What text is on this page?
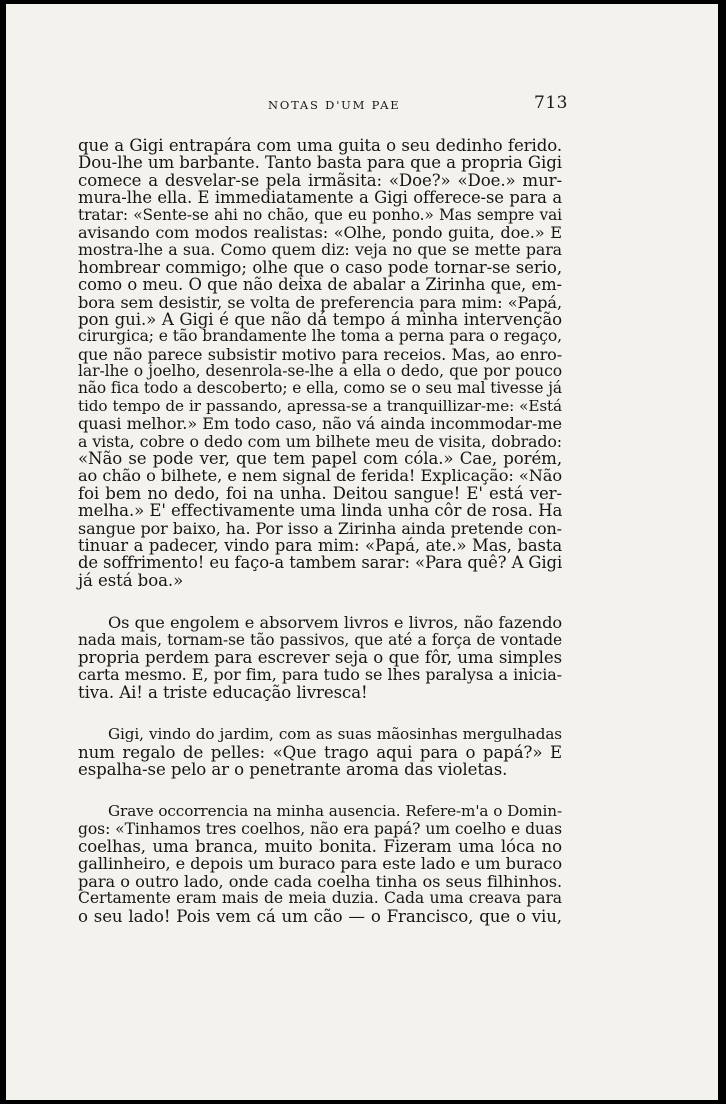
NOTAS D'UM PAE	713
que a Gigi entrapára com uma guita o seu dedinho ferido.
Dou-lhe um barbante. Tanto basta para que a propria Gigi
comece a desvelar-se pela irmãsita: «Doe?» «Doe.» mur-
mura-lhe ella. E immediatamente a Gigi offerece-se para a
tratar: «Sente-se ahi no chão, que eu ponho.» Mas sempre vai
avisando com modos realistas: «Olhe, pondo guita, doe.» E
mostra-lhe a sua. Como quem diz: veja no que se mette para
hombrear commigo; olhe que o caso pode tornar-se serio,
como o meu. O que não deixa de abalar a Zirinha que, em-
bora sem desistir, se volta de preferencia para mim: «Papá,
pon gui.» A Gigi é que não dá tempo á minha intervenção
cirurgica; e tão brandamente lhe toma a perna para o regaço,
que não parece subsistir motivo para receios. Mas, ao enro-
lar-lhe o joelho, desenrola-se-lhe a ella o dedo, que por pouco
não fica todo a descoberto; e ella, como se o seu mal tivesse já
tido tempo de ir passando, apressa-se a tranquillizar-me: «Está
quasi melhor.» Em todo caso, não vá ainda incommodar-me
a vista, cobre o dedo com um bilhete meu de visita, dobrado:
«Não se pode ver, que tem papel com cóla.» Cae, porém,
ao chão o bilhete, e nem signal de ferida! Explicação: «Não
foi bem no dedo, foi na unha. Deitou sangue! E' está ver-
melha.» E' effectivamente uma linda unha côr de rosa. Ha
sangue por baixo, ha. Por isso a Zirinha ainda pretende con-
tinuar a padecer, vindo para mim: «Papá, ate.» Mas, basta
de soffrimento! eu faço-a tambem sarar: «Para quê? A Gigi
já está boa.»
Os que engolem e absorvem livros e livros, não fazendo
nada mais, tornam-se tão passivos, que até a força de vontade
propria perdem para escrever seja o que fôr, uma simples
carta mesmo. E, por fim, para tudo se lhes paralysa a inicia-
tiva. Ai! a triste educação livresca!
Gigi, vindo do jardim, com as suas mãosinhas mergulhadas
num regalo de pelles: «Que trago aqui para o papá?» E
espalha-se pelo ar o penetrante aroma das violetas.
Grave occorrencia na minha ausencia. Refere-m'a o Domin-
gos: «Tinhamos tres coelhos, não era papá? um coelho e duas
coelhas, uma branca, muito bonita. Fizeram uma lóca no
gallinheiro, e depois um buraco para este lado e um buraco
para o outro lado, onde cada coelha tinha os seus filhinhos.
Certamente eram mais de meia duzia. Cada uma creava para
o seu lado! Pois vem cá um cão — o Francisco, que o viu,
